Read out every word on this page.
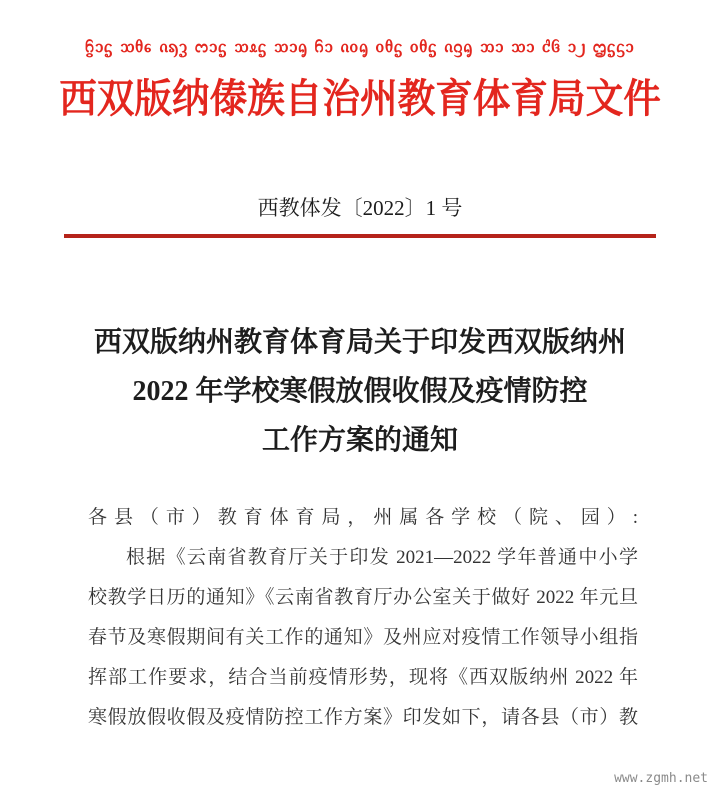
ᦩᦱᧃ ᦉᦲᧈ ᦵᦣᧆ ᦂᦱᧃ ᦉᦸᧃ ᦉᦱᧂ ᦆᦱ ᦵᦞᧂ ᦞᦲᧃ ᦞᦲᧃ ᦵᦋᧂ ᦘᦱ ᦉᦱ ᦺᦑ ᧑᧒ ᦗᧃᦓᦱ
西双版纳傣族自治州教育体育局文件
西教体发〔2022〕1 号
西双版纳州教育体育局关于印发西双版纳州
2022 年学校寒假放假收假及疫情防控
工作方案的通知
各县（市）教育体育局，州属各学校（院、园）:
根据《云南省教育厅关于印发 2021—2022 学年普通中小学
校教学日历的通知》《云南省教育厅办公室关于做好 2022 年元旦
春节及寒假期间有关工作的通知》及州应对疫情工作领导小组指
挥部工作要求，结合当前疫情形势，现将《西双版纳州 2022 年
寒假放假收假及疫情防控工作方案》印发如下，请各县（市）教
www.zgmh.net
